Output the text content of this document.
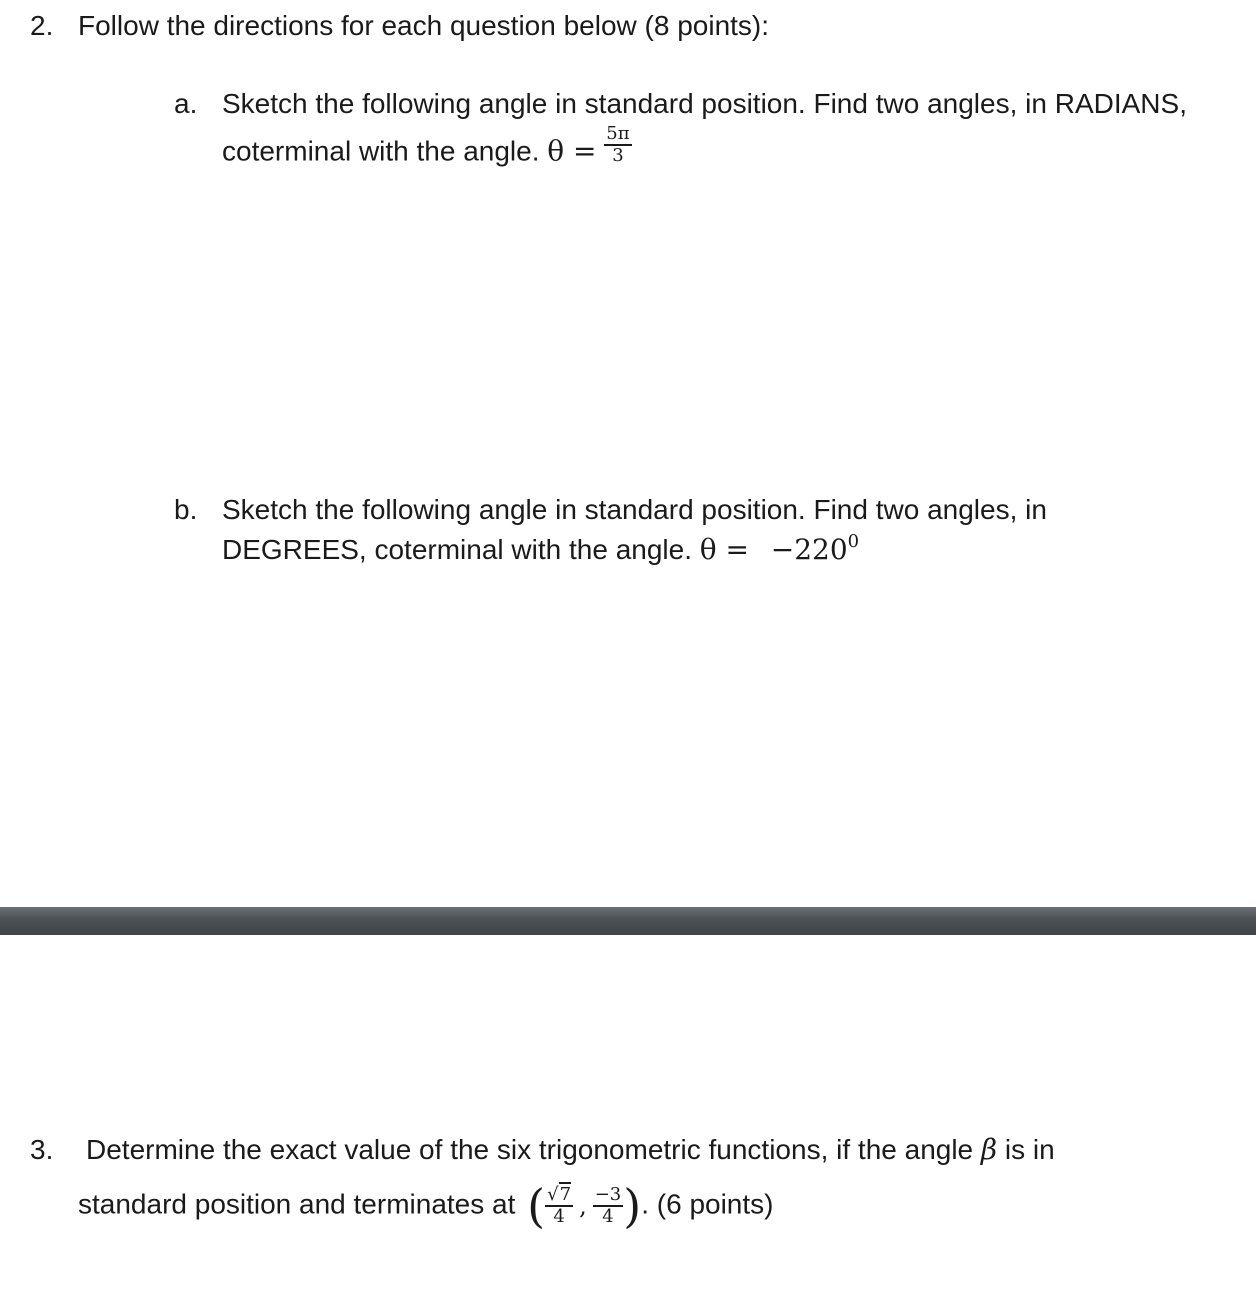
2. Follow the directions for each question below (8 points):
a. Sketch the following angle in standard position. Find two angles, in RADIANS,
coterminal with the angle. $\theta = \frac{5\pi}{3}$
b. Sketch the following angle in standard position. Find two angles, in
DEGREES, coterminal with the angle. $\theta = -220^0$
3. Determine the exact value of the six trigonometric functions, if the angle β is in
standard position and terminates at ( $\frac{√7}{4}$ , $\frac{-3}{4}$ ). (6 points)
